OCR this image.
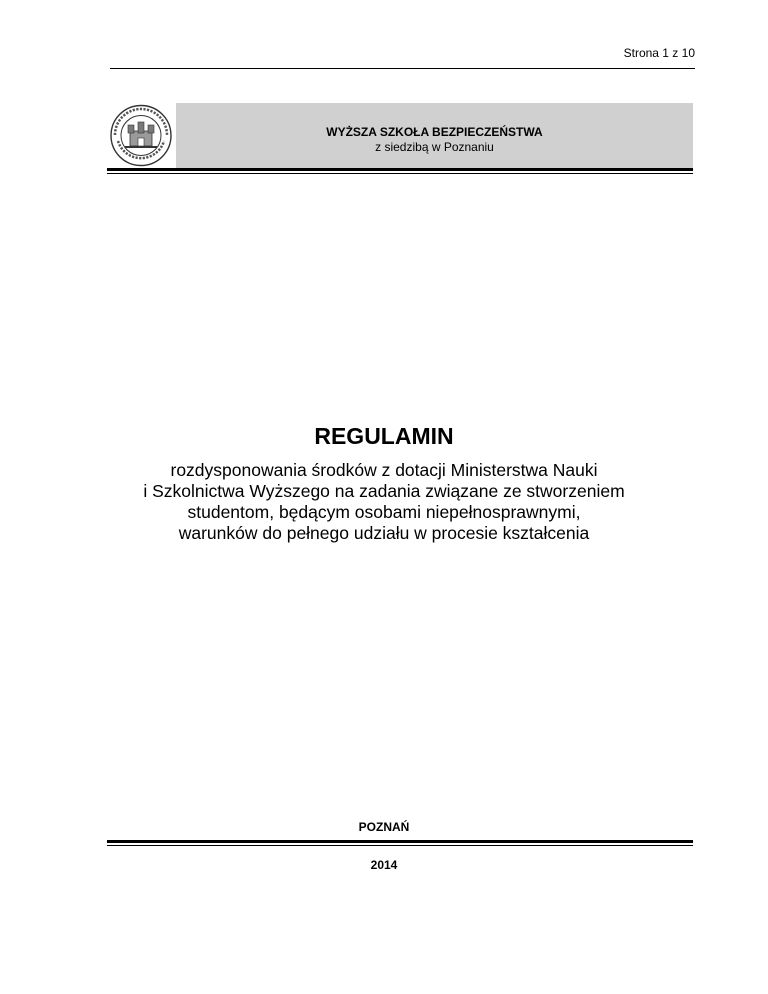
Strona 1 z 10
WYŻSZA SZKOŁA BEZPIECZEŃSTWA
z siedzibą w Poznaniu
REGULAMIN
rozdysponowania środków z dotacji Ministerstwa Nauki
i Szkolnictwa Wyższego na zadania związane ze stworzeniem
studentom, będącym osobami niepełnosprawnymi,
warunków do pełnego udziału w procesie kształcenia
POZNAŃ
2014
